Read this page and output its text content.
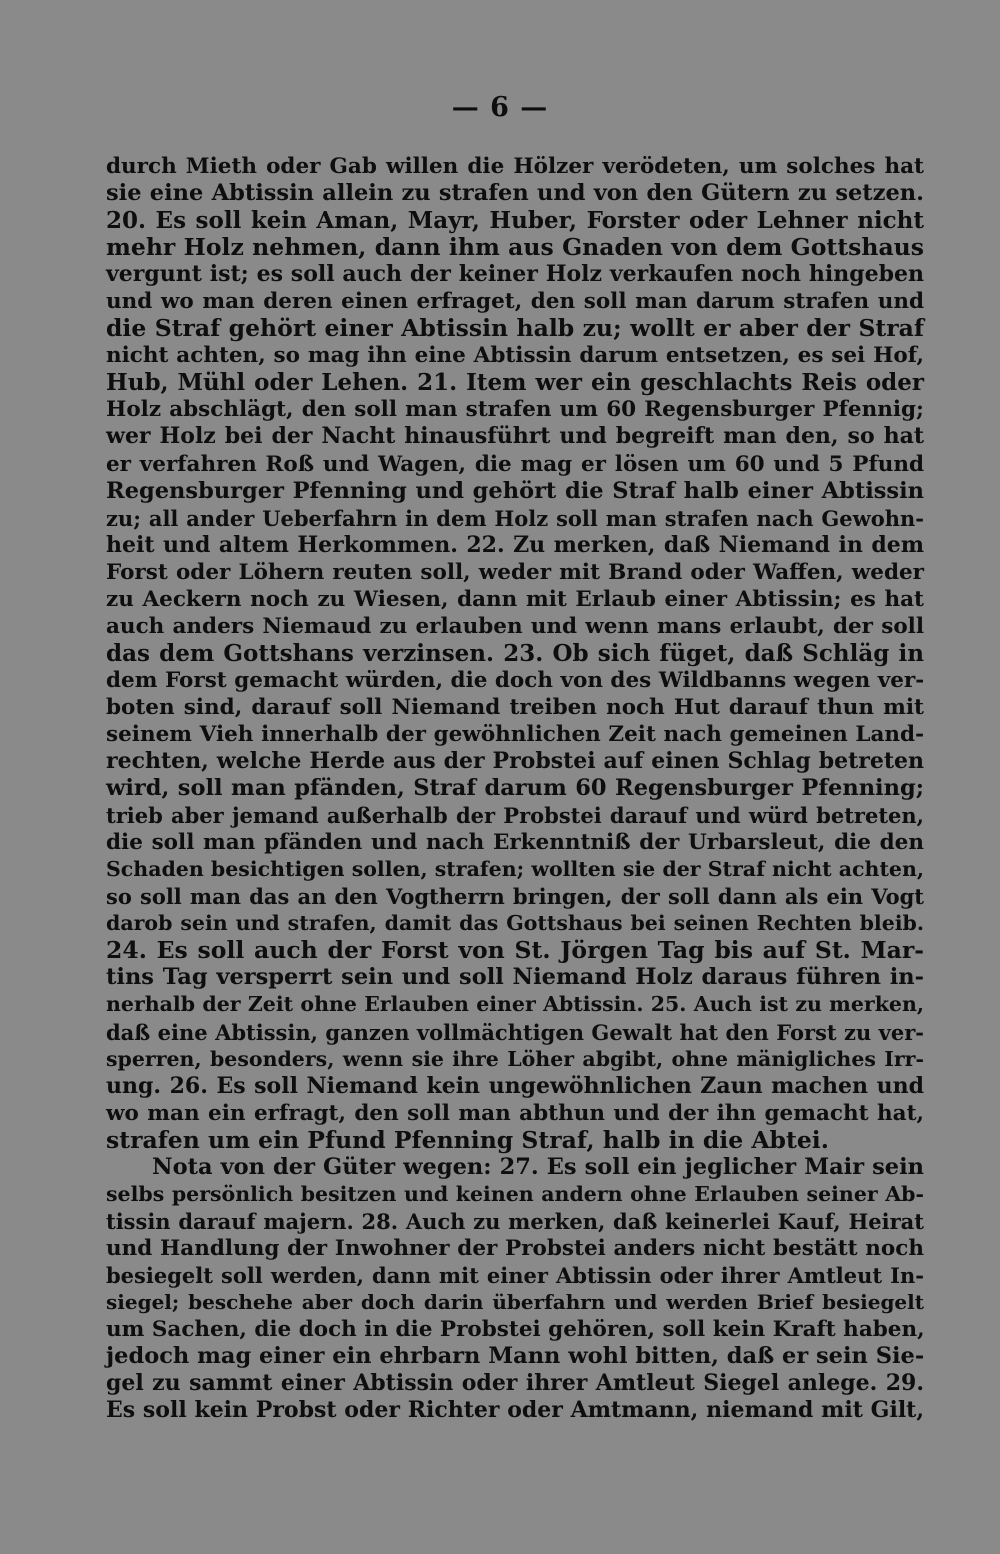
— 6 —
durch Mieth oder Gab willen die Hölzer verödeten, um solches hat
sie eine Abtissin allein zu strafen und von den Gütern zu setzen.
20. Es soll kein Aman, Mayr, Huber, Forster oder Lehner nicht
mehr Holz nehmen, dann ihm aus Gnaden von dem Gottshaus
vergunt ist; es soll auch der keiner Holz verkaufen noch hingeben
und wo man deren einen erfraget, den soll man darum strafen und
die Straf gehört einer Abtissin halb zu; wollt er aber der Straf
nicht achten, so mag ihn eine Abtissin darum entsetzen, es sei Hof,
Hub, Mühl oder Lehen. 21. Item wer ein geschlachts Reis oder
Holz abschlägt, den soll man strafen um 60 Regensburger Pfennig;
wer Holz bei der Nacht hinausführt und begreift man den, so hat
er verfahren Roß und Wagen, die mag er lösen um 60 und 5 Pfund
Regensburger Pfenning und gehört die Straf halb einer Abtissin
zu; all ander Ueberfahrn in dem Holz soll man strafen nach Gewohn-
heit und altem Herkommen. 22. Zu merken, daß Niemand in dem
Forst oder Löhern reuten soll, weder mit Brand oder Waffen, weder
zu Aeckern noch zu Wiesen, dann mit Erlaub einer Abtissin; es hat
auch anders Niemaud zu erlauben und wenn mans erlaubt, der soll
das dem Gottshans verzinsen. 23. Ob sich füget, daß Schläg in
dem Forst gemacht würden, die doch von des Wildbanns wegen ver-
boten sind, darauf soll Niemand treiben noch Hut darauf thun mit
seinem Vieh innerhalb der gewöhnlichen Zeit nach gemeinen Land-
rechten, welche Herde aus der Probstei auf einen Schlag betreten
wird, soll man pfänden, Straf darum 60 Regensburger Pfenning;
trieb aber jemand außerhalb der Probstei darauf und würd betreten,
die soll man pfänden und nach Erkenntniß der Urbarsleut, die den
Schaden besichtigen sollen, strafen; wollten sie der Straf nicht achten,
so soll man das an den Vogtherrn bringen, der soll dann als ein Vogt
darob sein und strafen, damit das Gottshaus bei seinen Rechten bleib.
24. Es soll auch der Forst von St. Jörgen Tag bis auf St. Mar-
tins Tag versperrt sein und soll Niemand Holz daraus führen in-
nerhalb der Zeit ohne Erlauben einer Abtissin. 25. Auch ist zu merken,
daß eine Abtissin, ganzen vollmächtigen Gewalt hat den Forst zu ver-
sperren, besonders, wenn sie ihre Löher abgibt, ohne mänigliches Irr-
ung. 26. Es soll Niemand kein ungewöhnlichen Zaun machen und
wo man ein erfragt, den soll man abthun und der ihn gemacht hat,
strafen um ein Pfund Pfenning Straf, halb in die Abtei.
Nota von der Güter wegen: 27. Es soll ein jeglicher Mair sein
selbs persönlich besitzen und keinen andern ohne Erlauben seiner Ab-
tissin darauf majern. 28. Auch zu merken, daß keinerlei Kauf, Heirat
und Handlung der Inwohner der Probstei anders nicht bestätt noch
besiegelt soll werden, dann mit einer Abtissin oder ihrer Amtleut In-
siegel; beschehe aber doch darin überfahrn und werden Brief besiegelt
um Sachen, die doch in die Probstei gehören, soll kein Kraft haben,
jedoch mag einer ein ehrbarn Mann wohl bitten, daß er sein Sie-
gel zu sammt einer Abtissin oder ihrer Amtleut Siegel anlege. 29.
Es soll kein Probst oder Richter oder Amtmann, niemand mit Gilt,
